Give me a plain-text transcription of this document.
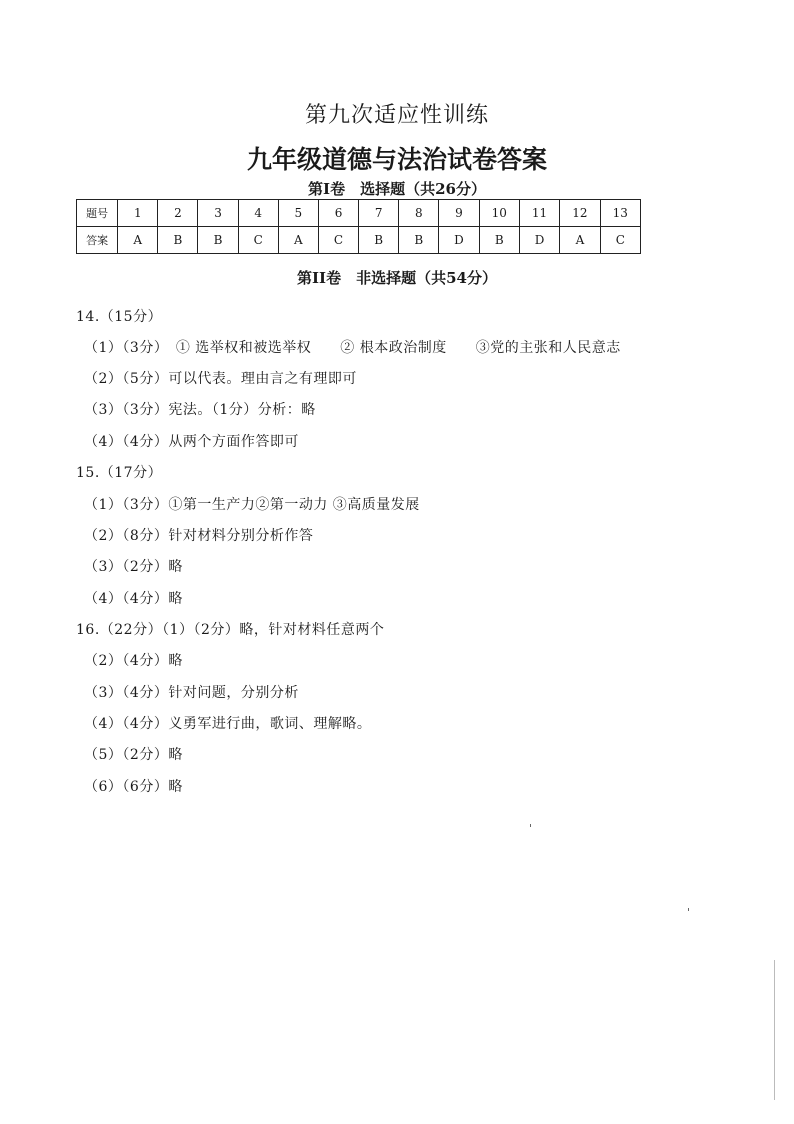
第九次适应性训练
九年级道德与法治试卷答案
第I卷　选择题（共26分）
题号	1	2	3	4	5	6	7	8	9	10	11	12	13
答案	A	B	B	C	A	C	B	B	D	B	D	A	C
第II卷　非选择题（共54分）
14.（15分）
（1）（3分）　① 选举权和被选举权　　② 根本政治制度　　③党的主张和人民意志
（2）（5分）可以代表。理由言之有理即可
（3）（3分）宪法。（1分）分析：略
（4）（4分）从两个方面作答即可
15.（17分）
（1）（3分）①第一生产力②第一动力 ③高质量发展
（2）（8分）针对材料分别分析作答
（3）（2分）略
（4）（4分）略
16.（22分）（1）（2分）略，针对材料任意两个
（2）（4分）略
（3）（4分）针对问题，分别分析
（4）（4分）义勇军进行曲，歌词、理解略。
（5）（2分）略
（6）（6分）略
